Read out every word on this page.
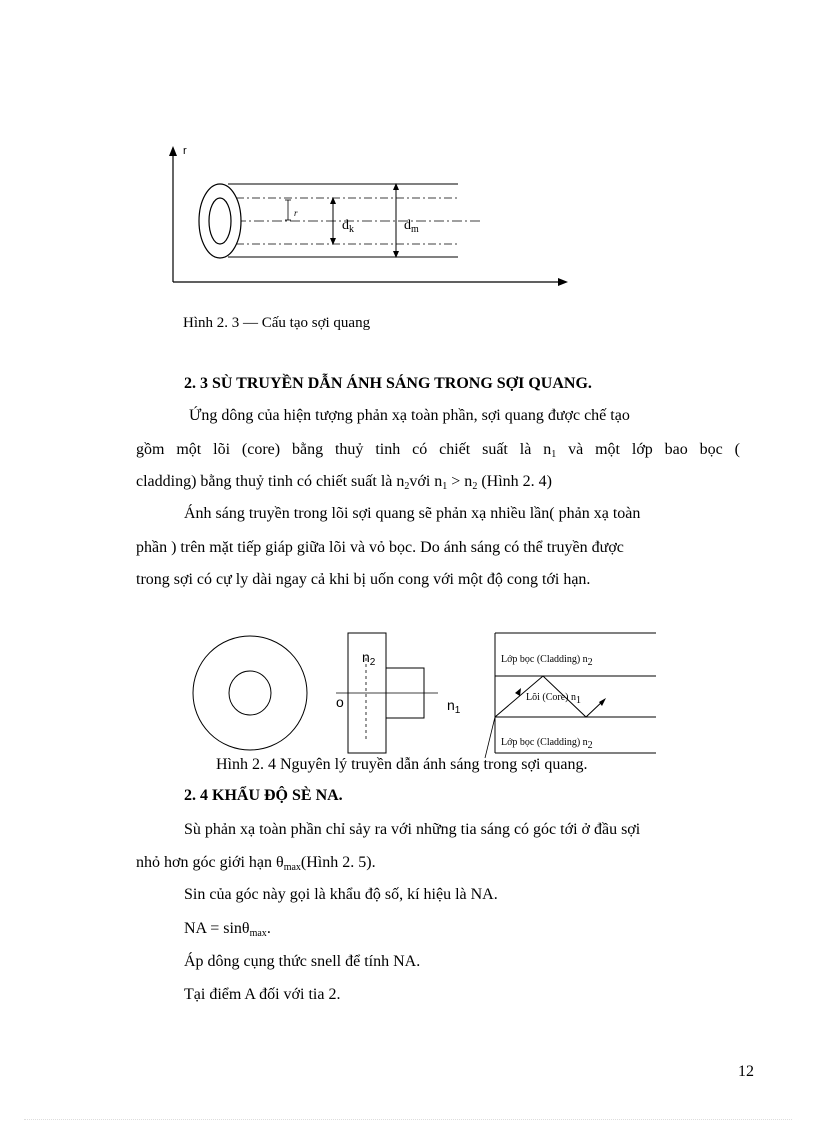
r
r
$d_k$	$d_m$
Hình 2. 3 — Cấu tạo sợi quang
2. 3 SÙ TRUYỀN DẪN ÁNH SÁNG TRONG SỢI QUANG.
Ứng dông của hiện tượng phản xạ toàn phần, sợi quang được chế tạo
gồm một lõi (core) bằng thuỷ tinh có chiết suất là $n_1$ và một lớp bao bọc (
cladding) bằng thuỷ tinh có chiết suất là $n_2với$ $n_1 > n_2$ (Hình 2. 4)
Ánh sáng truyền trong lõi sợi quang sẽ phản xạ nhiều lần( phản xạ toàn
phần ) trên mặt tiếp giáp giữa lõi và vỏ bọc. Do ánh sáng có thể truyền được
trong sợi có cự ly dài ngay cả khi bị uốn cong với một độ cong tới hạn.
$n_2$
o	$n_1$
Lớp bọc (Cladding) $n_2$
Lõi (Core) $n_1$
Lớp bọc (Cladding) $n_2$
Hình 2. 4 Nguyên lý truyền dẫn ánh sáng trong sợi quang.
2. 4 KHẨU ĐỘ SÈ NA.
Sù phản xạ toàn phần chỉ sảy ra với những tia sáng có góc tới ở đầu sợi
nhỏ hơn góc giới hạn $\theta_{max}(Hình$ 2. 5).
Sin của góc này gọi là khẩu độ số, kí hiệu là NA.
NA = sinθ$_{max}$.
Áp dông cụng thức snell để tính NA.
Tại điểm A đối với tia 2.
12
